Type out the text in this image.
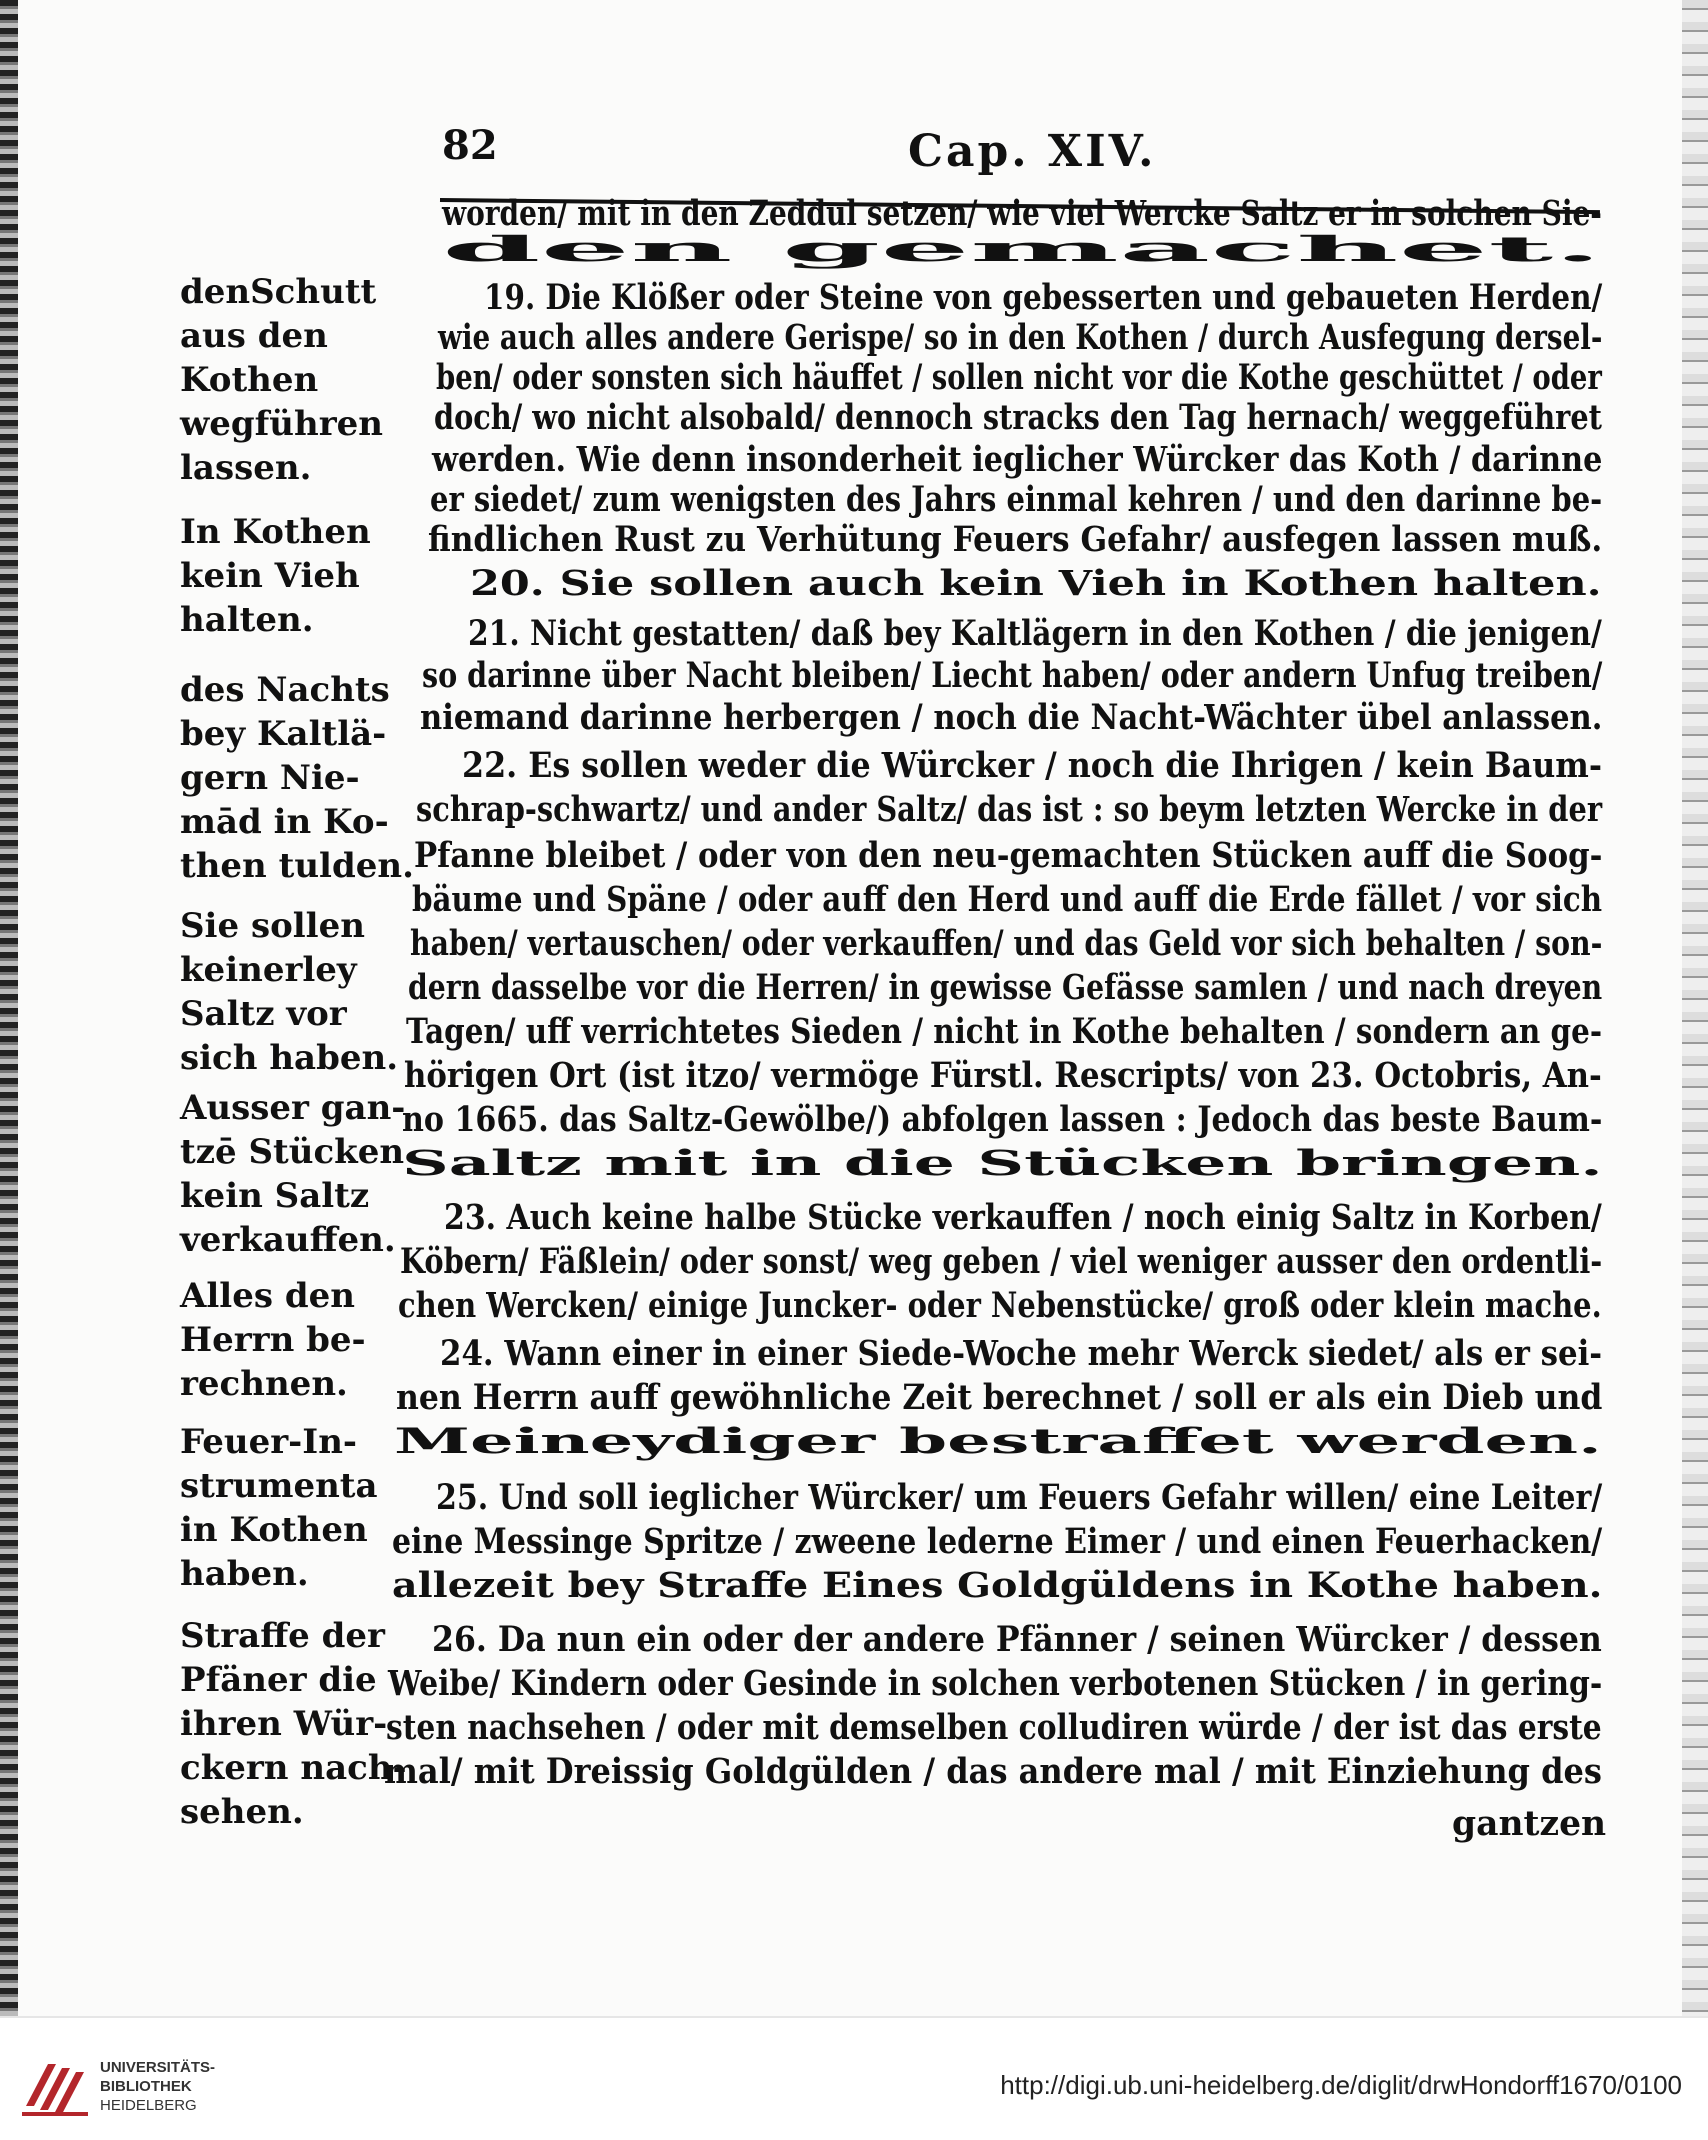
82	Cap. XIV.
denSchutt
aus den
Kothen
wegführen
lassen.
In Kothen
kein Vieh
halten.
des Nachts
bey Kaltlä-
gern Nie-
mād in Ko-
then tulden.
Sie sollen
keinerley
Saltz vor
sich haben.
Ausser gan-
tzē Stücken
kein Saltz
verkauffen.
Alles den
Herrn be-
rechnen.
Feuer-In-
strumenta
in Kothen
haben.
Straffe der
Pfäner die
ihren Wür-
ckern nach-
sehen.
worden/ mit in den Zeddul setzen/ wie viel Wercke Saltz er in solchen Sie-
den gemachet.
19. Die Klößer oder Steine von gebesserten und gebaueten Herden/
wie auch alles andere Gerispe/ so in den Kothen / durch Ausfegung dersel-
ben/ oder sonsten sich häuffet / sollen nicht vor die Kothe geschüttet / oder
doch/ wo nicht alsobald/ dennoch stracks den Tag hernach/ weggeführet
werden. Wie denn insonderheit ieglicher Würcker das Koth / darinne
er siedet/ zum wenigsten des Jahrs einmal kehren / und den darinne be-
findlichen Rust zu Verhütung Feuers Gefahr/ ausfegen lassen muß.
20. Sie sollen auch kein Vieh in Kothen halten.
21. Nicht gestatten/ daß bey Kaltlägern in den Kothen / die jenigen/
so darinne über Nacht bleiben/ Liecht haben/ oder andern Unfug treiben/
niemand darinne herbergen / noch die Nacht-Wächter übel anlassen.
22. Es sollen weder die Würcker / noch die Ihrigen / kein Baum-
schrap-schwartz/ und ander Saltz/ das ist : so beym letzten Wercke in der
Pfanne bleibet / oder von den neu-gemachten Stücken auff die Soog-
bäume und Späne / oder auff den Herd und auff die Erde fället / vor sich
haben/ vertauschen/ oder verkauffen/ und das Geld vor sich behalten / son-
dern dasselbe vor die Herren/ in gewisse Gefässe samlen / und nach dreyen
Tagen/ uff verrichtetes Sieden / nicht in Kothe behalten / sondern an ge-
hörigen Ort (ist itzo/ vermöge Fürstl. Rescripts/ von 23. Octobris, An-
no 1665. das Saltz-Gewölbe/) abfolgen lassen : Jedoch das beste Baum-
Saltz mit in die Stücken bringen.
23. Auch keine halbe Stücke verkauffen / noch einig Saltz in Korben/
Köbern/ Fäßlein/ oder sonst/ weg geben / viel weniger ausser den ordentli-
chen Wercken/ einige Juncker- oder Nebenstücke/ groß oder klein mache.
24. Wann einer in einer Siede-Woche mehr Werck siedet/ als er sei-
nen Herrn auff gewöhnliche Zeit berechnet / soll er als ein Dieb und
Meineydiger bestraffet werden.
25. Und soll ieglicher Würcker/ um Feuers Gefahr willen/ eine Leiter/
eine Messinge Spritze / zweene lederne Eimer / und einen Feuerhacken/
allezeit bey Straffe Eines Goldgüldens in Kothe haben.
26. Da nun ein oder der andere Pfänner / seinen Würcker / dessen
Weibe/ Kindern oder Gesinde in solchen verbotenen Stücken / in gering-
sten nachsehen / oder mit demselben colludiren würde / der ist das erste
mal/ mit Dreissig Goldgülden / das andere mal / mit Einziehung des
gantzen
UNIVERSITÄTS-
BIBLIOTHEK
HEIDELBERG
http://digi.ub.uni-heidelberg.de/diglit/drwHondorff1670/0100
